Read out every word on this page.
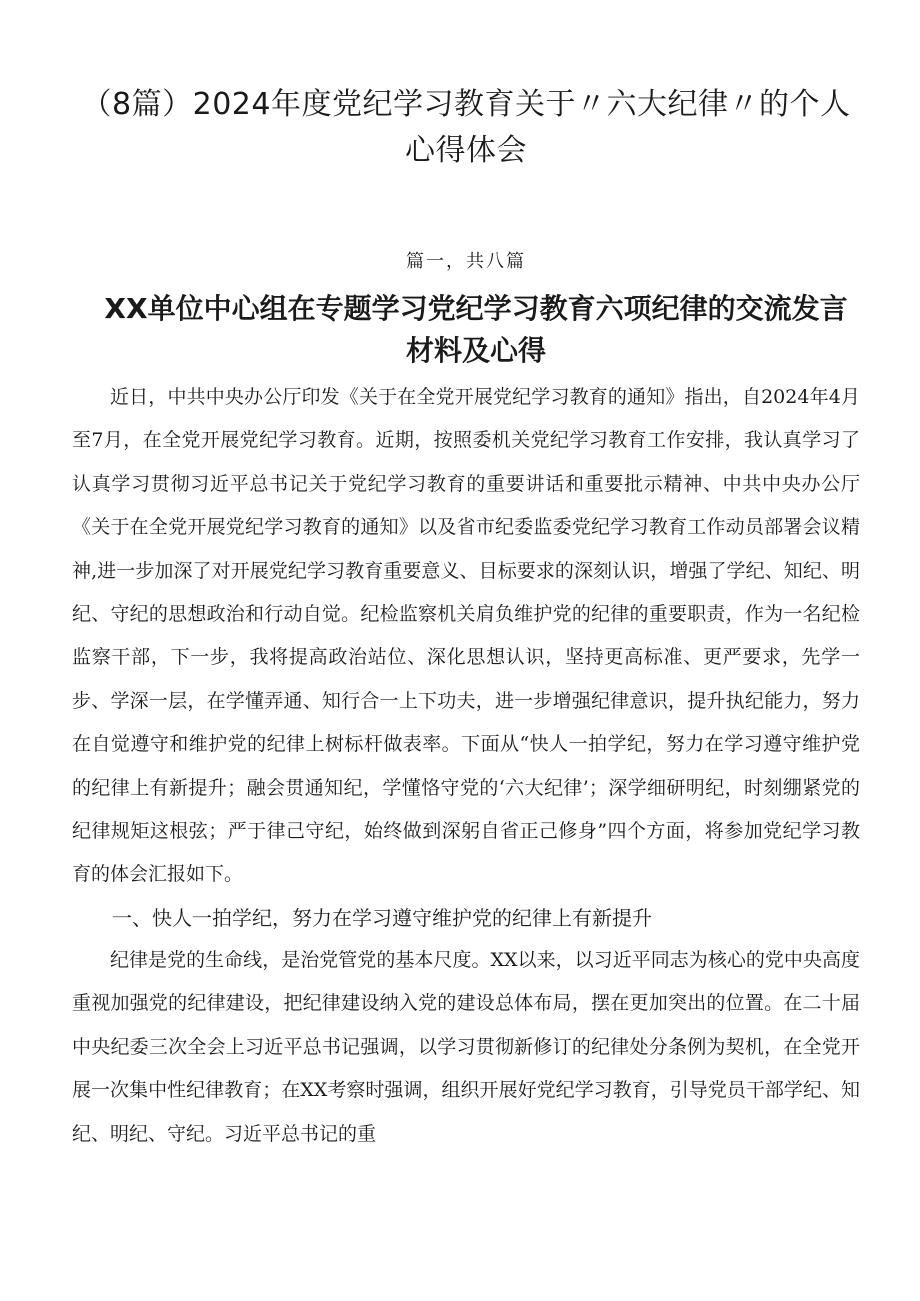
（8篇）2024年度党纪学习教育关于〃六大纪律〃的个人心得体会

篇一，共八篇

XX单位中心组在专题学习党纪学习教育六项纪律的交流发言材料及心得

近日，中共中央办公厅印发《关于在全党开展党纪学习教育的通知》指出，自2024年4月至7月，在全党开展党纪学习教育。近期，按照委机关党纪学习教育工作安排，我认真学习了认真学习贯彻习近平总书记关于党纪学习教育的重要讲话和重要批示精神、中共中央办公厅《关于在全党开展党纪学习教育的通知》以及省市纪委监委党纪学习教育工作动员部署会议精神,进一步加深了对开展党纪学习教育重要意义、目标要求的深刻认识，增强了学纪、知纪、明纪、守纪的思想政治和行动自觉。纪检监察机关肩负维护党的纪律的重要职责，作为一名纪检监察干部，下一步，我将提高政治站位、深化思想认识，坚持更高标准、更严要求，先学一步、学深一层，在学懂弄通、知行合一上下功夫，进一步增强纪律意识，提升执纪能力，努力在自觉遵守和维护党的纪律上树标杆做表率。下面从“快人一拍学纪，努力在学习遵守维护党的纪律上有新提升；融会贯通知纪，学懂恪守党的‘六大纪律’；深学细研明纪，时刻绷紧党的纪律规矩这根弦；严于律己守纪，始终做到深躬自省正己修身”四个方面，将参加党纪学习教育的体会汇报如下。

一、快人一拍学纪，努力在学习遵守维护党的纪律上有新提升

纪律是党的生命线，是治党管党的基本尺度。XX以来，以习近平同志为核心的党中央高度重视加强党的纪律建设，把纪律建设纳入党的建设总体布局，摆在更加突出的位置。在二十届中央纪委三次全会上习近平总书记强调，以学习贯彻新修订的纪律处分条例为契机，在全党开展一次集中性纪律教育；在XX考察时强调，组织开展好党纪学习教育，引导党员干部学纪、知纪、明纪、守纪。习近平总书记的重
